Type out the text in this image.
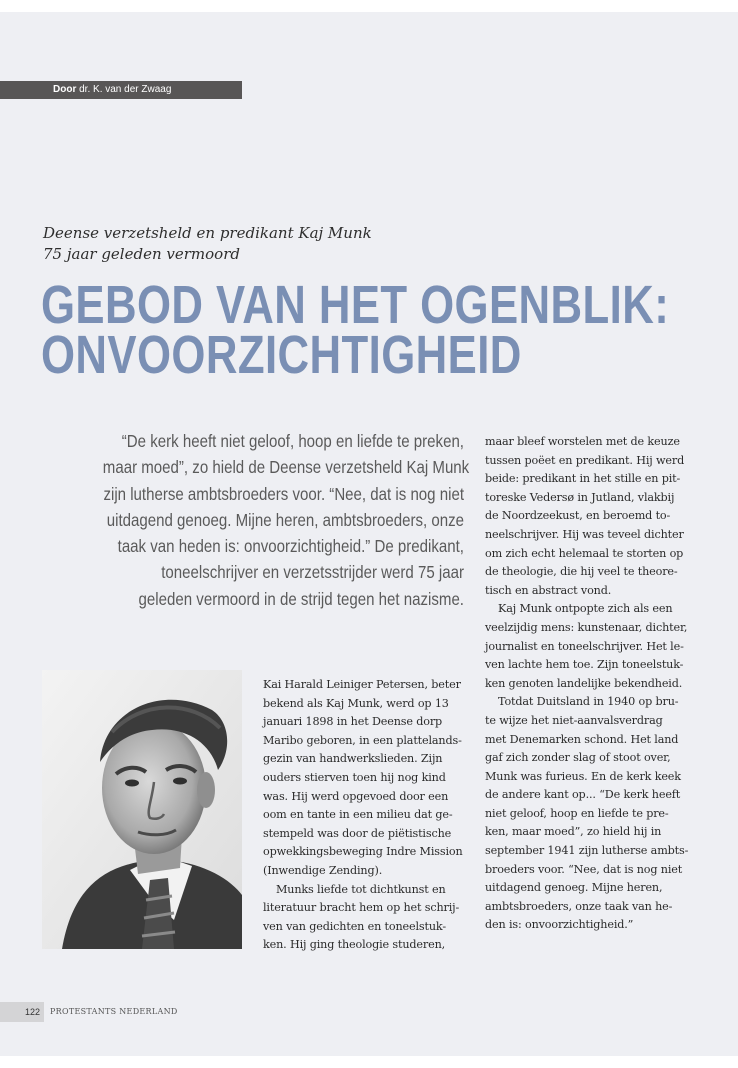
Door dr. K. van der Zwaag
Deense verzetsheld en predikant Kaj Munk
75 jaar geleden vermoord
GEBOD VAN HET OGENBLIK:
ONVOORZICHTIGHEID
“De kerk heeft niet geloof, hoop en liefde te preken,
maar moed”, zo hield de Deense verzetsheld Kaj Munk
zijn lutherse ambtsbroeders voor. “Nee, dat is nog niet
uitdagend genoeg. Mijne heren, ambtsbroeders, onze
taak van heden is: onvoorzichtigheid.” De predikant,
toneelschrijver en verzetsstrijder werd 75 jaar
geleden vermoord in de strijd tegen het nazisme.
Kai Harald Leiniger Petersen, beter
bekend als Kaj Munk, werd op 13
januari 1898 in het Deense dorp
Maribo geboren, in een plattelands-
gezin van handwerkslieden. Zijn
ouders stierven toen hij nog kind
was. Hij werd opgevoed door een
oom en tante in een milieu dat ge-
stempeld was door de piëtistische
opwekkingsbeweging Indre Mission
(Inwendige Zending).
Munks liefde tot dichtkunst en
literatuur bracht hem op het schrij-
ven van gedichten en toneelstuk-
ken. Hij ging theologie studeren,
maar bleef worstelen met de keuze
tussen poëet en predikant. Hij werd
beide: predikant in het stille en pit-
toreske Vedersø in Jutland, vlakbij
de Noordzeekust, en beroemd to-
neelschrijver. Hij was teveel dichter
om zich echt helemaal te storten op
de theologie, die hij veel te theore-
tisch en abstract vond.
Kaj Munk ontpopte zich als een
veelzijdig mens: kunstenaar, dichter,
journalist en toneelschrijver. Het le-
ven lachte hem toe. Zijn toneelstuk-
ken genoten landelijke bekendheid.
Totdat Duitsland in 1940 op bru-
te wijze het niet-aanvalsverdrag
met Denemarken schond. Het land
gaf zich zonder slag of stoot over,
Munk was furieus. En de kerk keek
de andere kant op... “De kerk heeft
niet geloof, hoop en liefde te pre-
ken, maar moed”, zo hield hij in
september 1941 zijn lutherse ambts-
broeders voor. “Nee, dat is nog niet
uitdagend genoeg. Mijne heren,
ambtsbroeders, onze taak van he-
den is: onvoorzichtigheid.”
122	PROTESTANTS NEDERLAND
